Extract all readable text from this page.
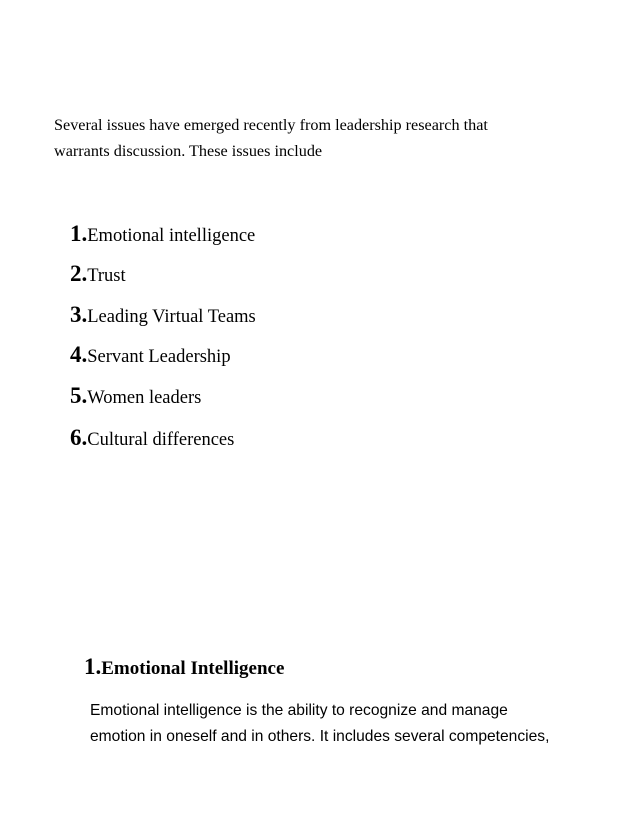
Several issues have emerged recently from leadership research that

warrants discussion. These issues include

1.Emotional intelligence
2.Trust
3.Leading Virtual Teams
4.Servant Leadership
5.Women leaders
6.Cultural differences
1.Emotional Intelligence

Emotional intelligence is the ability to recognize and manage

emotion in oneself and in others. It includes several competencies,
